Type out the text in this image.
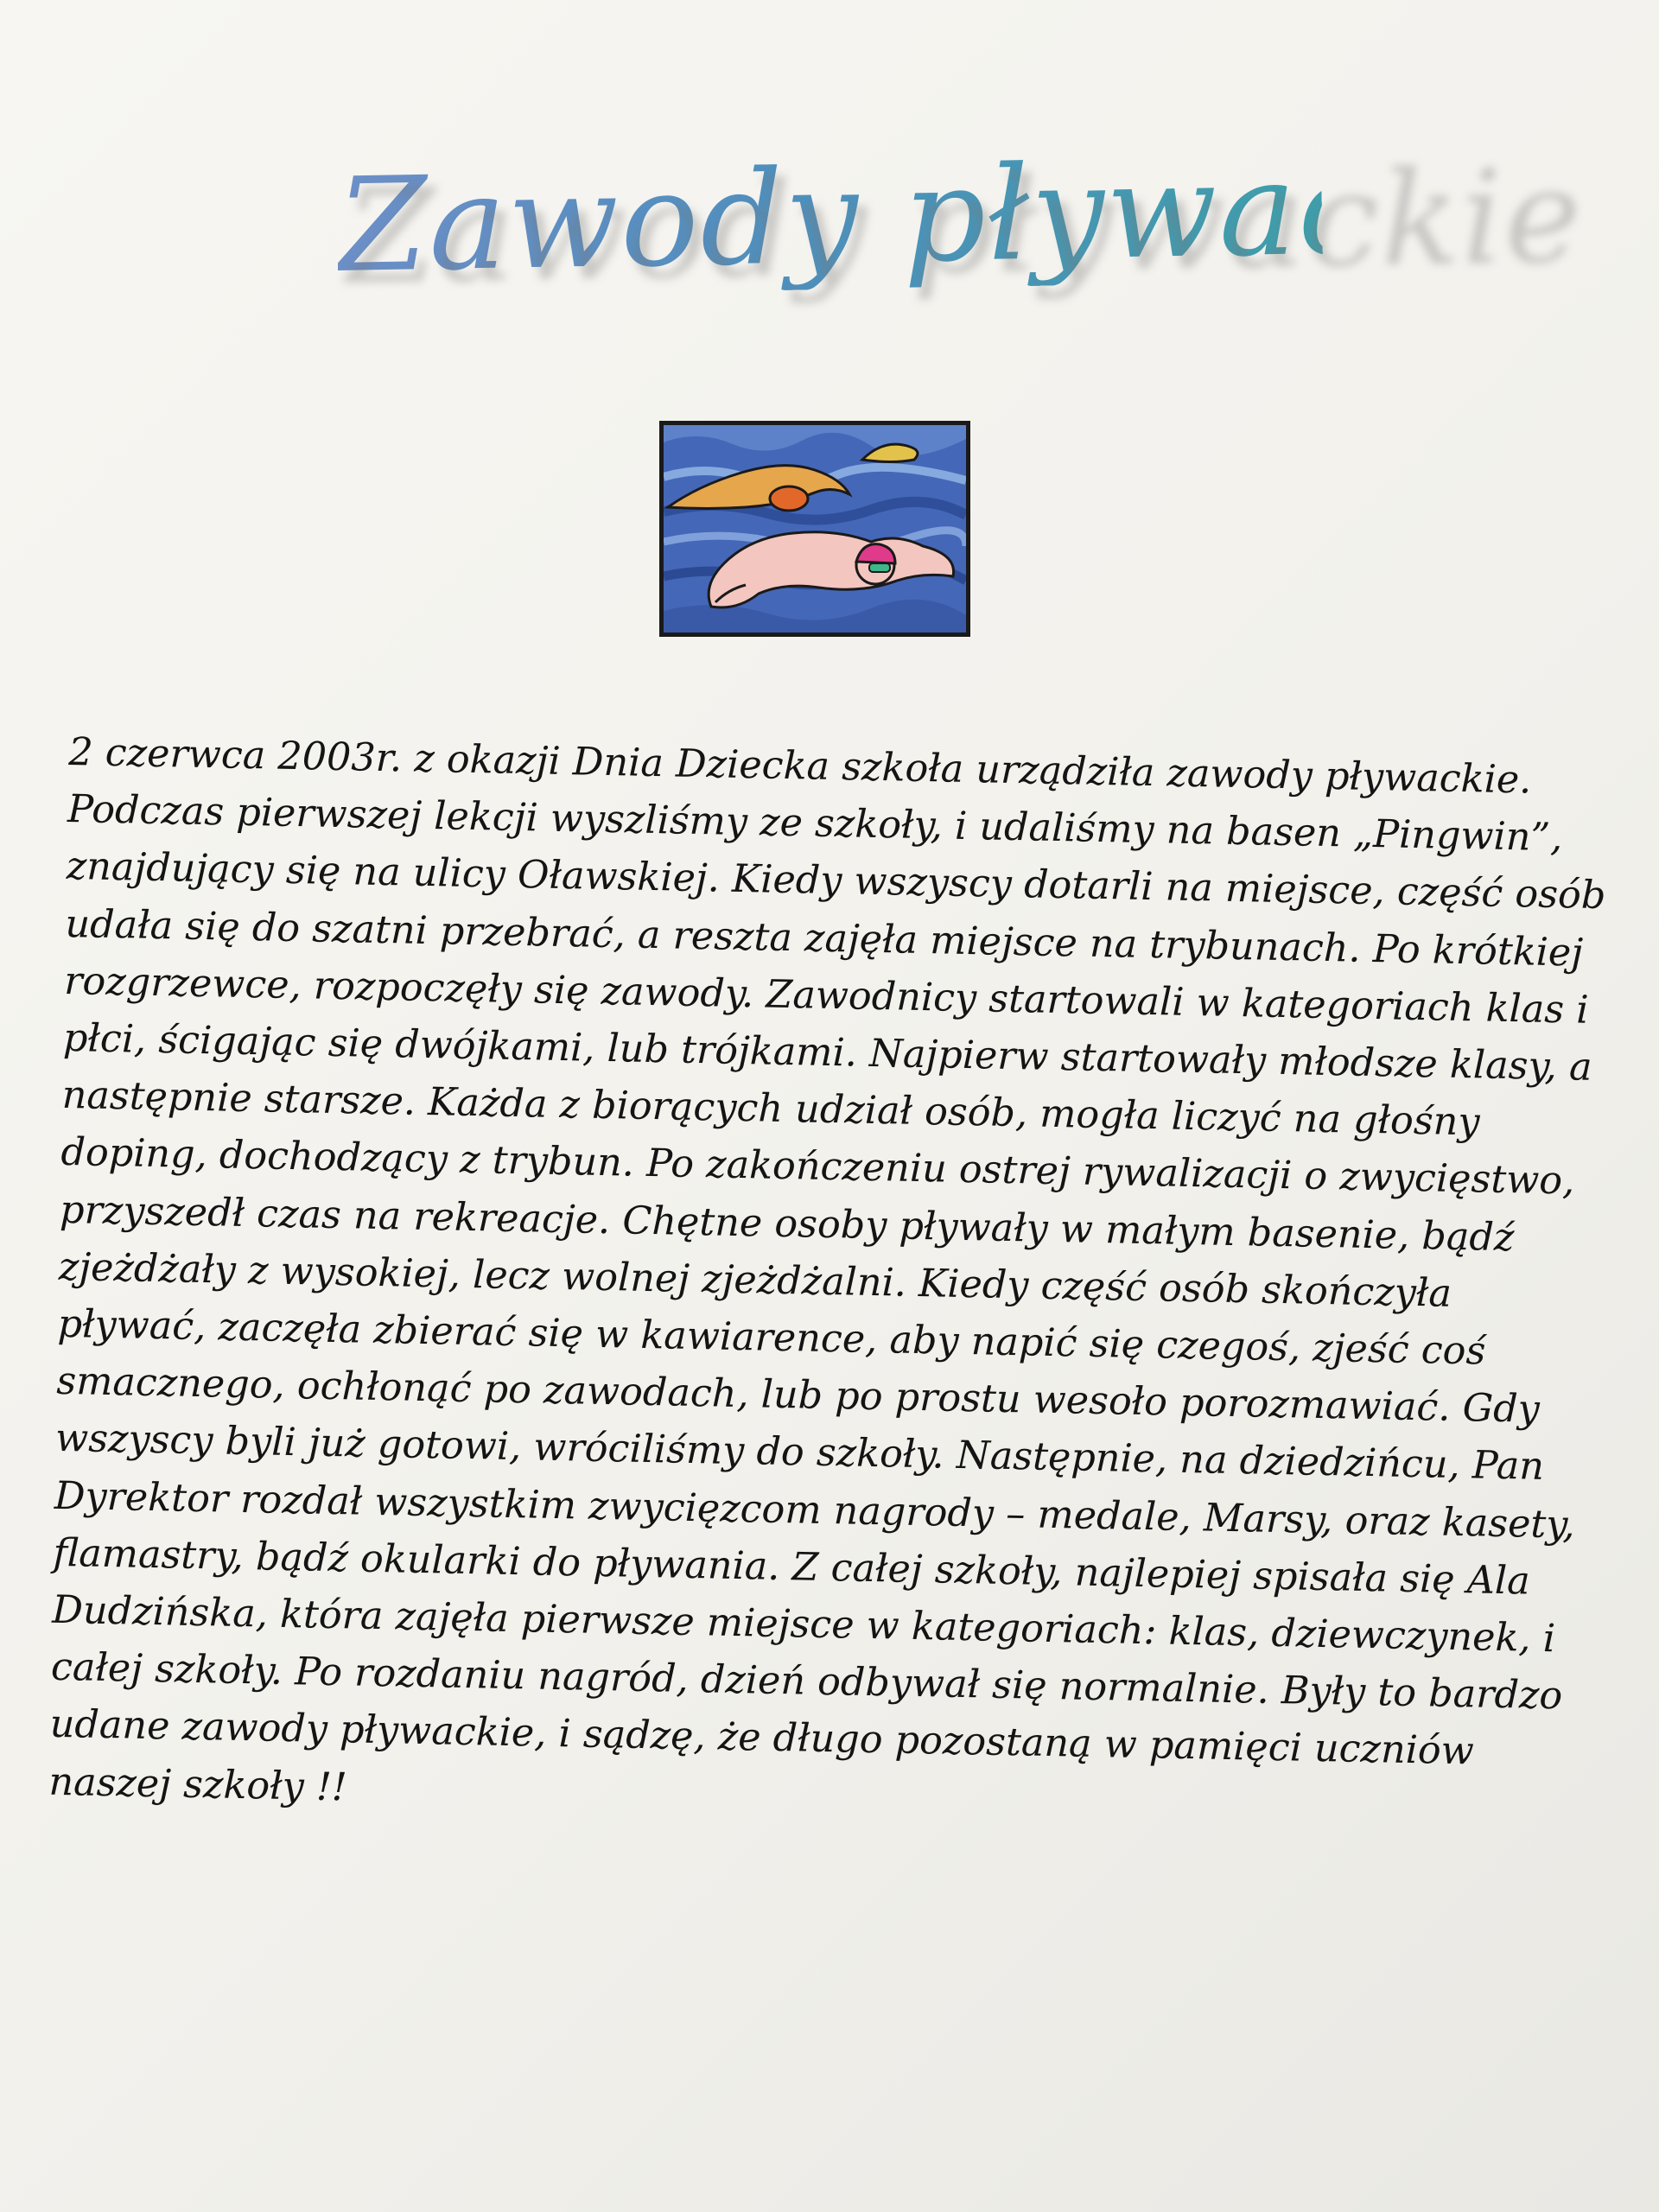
Zawody pływackie
2 czerwca 2003r. z okazji Dnia Dziecka szkoła urządziła zawody pływackie.
Podczas pierwszej lekcji wyszliśmy ze szkoły, i udaliśmy na basen „Pingwin”,
znajdujący się na ulicy Oławskiej. Kiedy wszyscy dotarli na miejsce, część osób
udała się do szatni przebrać, a reszta zajęła miejsce na trybunach. Po krótkiej
rozgrzewce, rozpoczęły się zawody. Zawodnicy startowali w kategoriach klas i
płci, ścigając się dwójkami, lub trójkami. Najpierw startowały młodsze klasy, a
następnie starsze. Każda z biorących udział osób, mogła liczyć na głośny
doping, dochodzący z trybun. Po zakończeniu ostrej rywalizacji o zwycięstwo,
przyszedł czas na rekreacje. Chętne osoby pływały w małym basenie, bądź
zjeżdżały z wysokiej, lecz wolnej zjeżdżalni. Kiedy część osób skończyła
pływać, zaczęła zbierać się w kawiarence, aby napić się czegoś, zjeść coś
smacznego, ochłonąć po zawodach, lub po prostu wesoło porozmawiać. Gdy
wszyscy byli już gotowi, wróciliśmy do szkoły. Następnie, na dziedzińcu, Pan
Dyrektor rozdał wszystkim zwycięzcom nagrody – medale, Marsy, oraz kasety,
flamastry, bądź okularki do pływania. Z całej szkoły, najlepiej spisała się Ala
Dudzińska, która zajęła pierwsze miejsce w kategoriach: klas, dziewczynek, i
całej szkoły. Po rozdaniu nagród, dzień odbywał się normalnie. Były to bardzo
udane zawody pływackie, i sądzę, że długo pozostaną w pamięci uczniów
naszej szkoły !!
